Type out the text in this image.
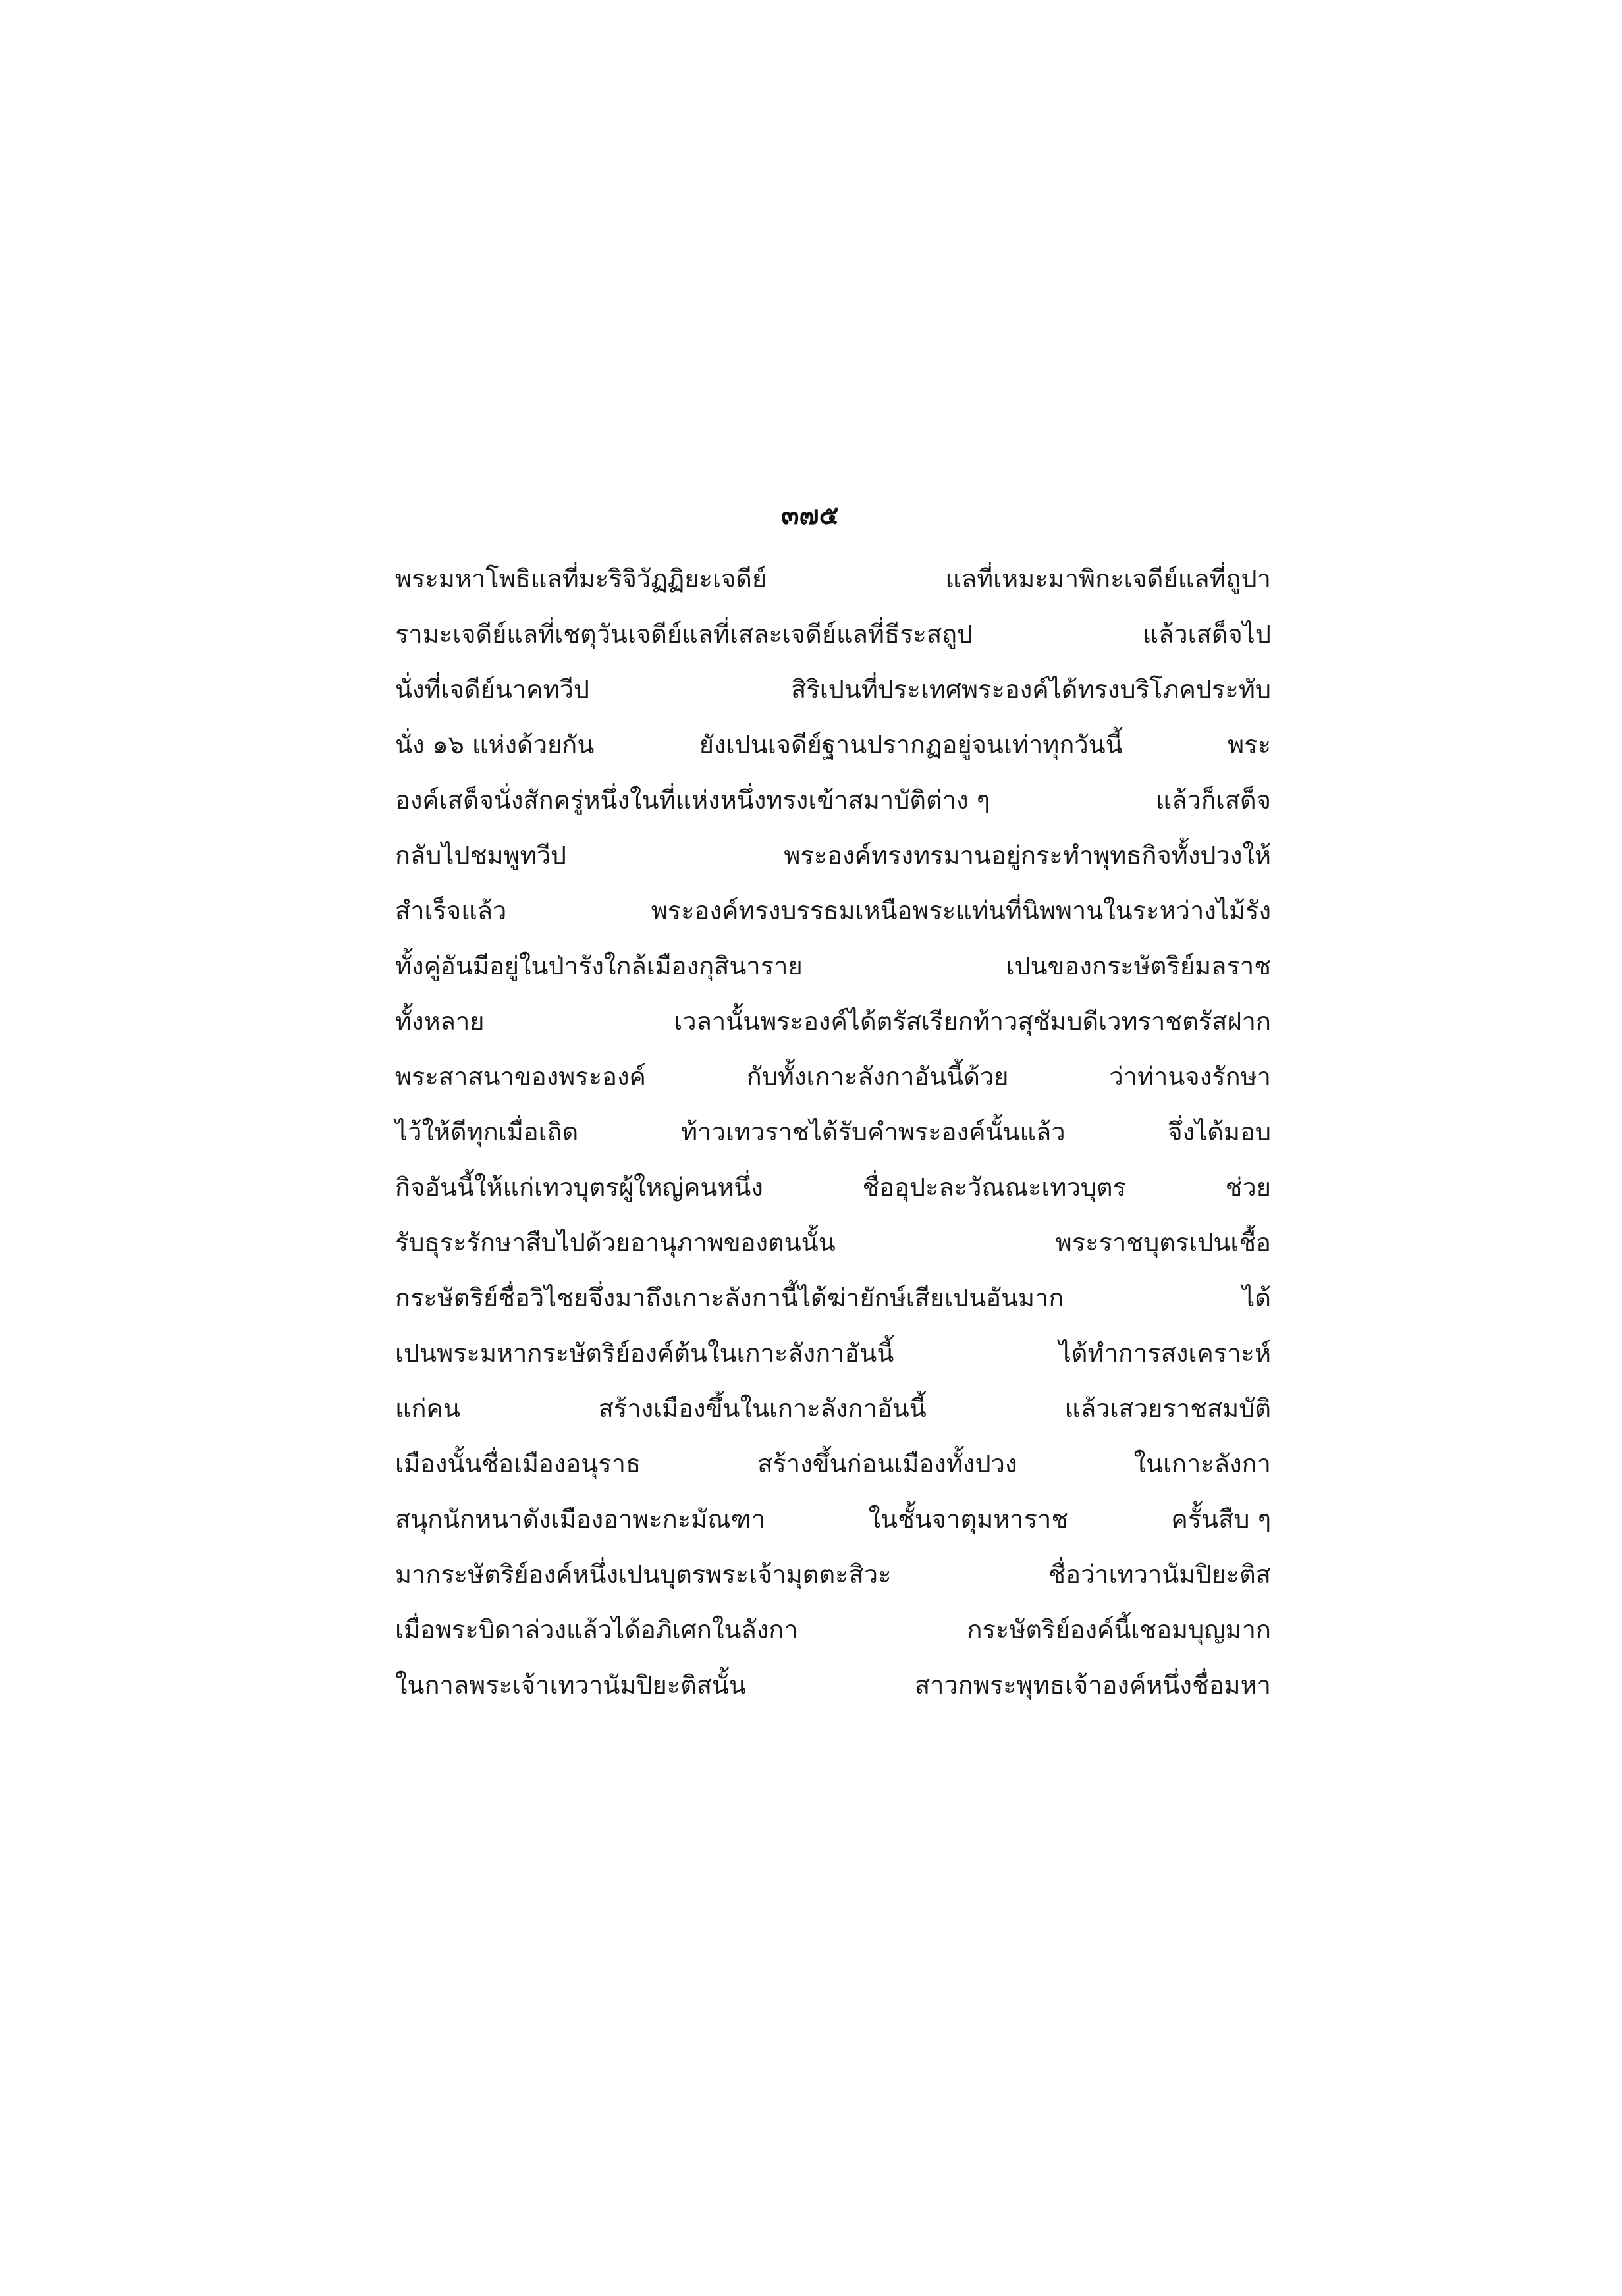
๓๗๕

พระมหาโพธิแลที่มะริจิวัฏฏิยะเจดีย์	แลที่เหมะมาพิกะเจดีย์แลที่ถูปา
รามะเจดีย์แลที่เชตุวันเจดีย์แลที่เสละเจดีย์แลที่ธีระสถูป	แล้วเสด็จไป
นั่งที่เจดีย์นาคทวีป	สิริเปนที่ประเทศพระองค์ได้ทรงบริโภคประทับ
นั่ง ๑๖ แห่งด้วยกัน	ยังเปนเจดีย์ฐานปรากฏอยู่จนเท่าทุกวันนี้	พระ
องค์เสด็จนั่งสักครู่หนึ่งในที่แห่งหนึ่งทรงเข้าสมาบัติต่าง ๆ	แล้วก็เสด็จ
กลับไปชมพูทวีป	พระองค์ทรงทรมานอยู่กระทำพุทธกิจทั้งปวงให้
สำเร็จแล้ว	พระองค์ทรงบรรธมเหนือพระแท่นที่นิพพานในระหว่างไม้รัง
ทั้งคู่อันมีอยู่ในป่ารังใกล้เมืองกุสินาราย	เปนของกระษัตริย์มลราช
ทั้งหลาย	เวลานั้นพระองค์ได้ตรัสเรียกท้าวสุชัมบดีเวทราชตรัสฝาก
พระสาสนาของพระองค์	กับทั้งเกาะลังกาอันนี้ด้วย	ว่าท่านจงรักษา
ไว้ให้ดีทุกเมื่อเถิด	ท้าวเทวราชได้รับคำพระองค์นั้นแล้ว	จึ่งได้มอบ
กิจอันนี้ให้แก่เทวบุตรผู้ใหญ่คนหนึ่ง	ชื่ออุปะละวัณณะเทวบุตร	ช่วย
รับธุระรักษาสืบไปด้วยอานุภาพของตนนั้น	พระราชบุตรเปนเชื้อ
กระษัตริย์ชื่อวิไชยจึ่งมาถึงเกาะลังกานี้ได้ฆ่ายักษ์เสียเปนอันมาก	ได้
เปนพระมหากระษัตริย์องค์ต้นในเกาะลังกาอันนี้	ได้ทำการสงเคราะห์
แก่คน	สร้างเมืองขึ้นในเกาะลังกาอันนี้	แล้วเสวยราชสมบัติ
เมืองนั้นชื่อเมืองอนุราธ	สร้างขึ้นก่อนเมืองทั้งปวง	ในเกาะลังกา
สนุกนักหนาดังเมืองอาพะกะมัณฑา	ในชั้นจาตุมหาราช	ครั้นสืบ ๆ
มากระษัตริย์องค์หนึ่งเปนบุตรพระเจ้ามุตตะสิวะ	ชื่อว่าเทวานัมปิยะติส
เมื่อพระบิดาล่วงแล้วได้อภิเศกในลังกา	กระษัตริย์องค์นี้เชอมบุญมาก
ในกาลพระเจ้าเทวานัมปิยะติสนั้น	สาวกพระพุทธเจ้าองค์หนึ่งชื่อมหา
